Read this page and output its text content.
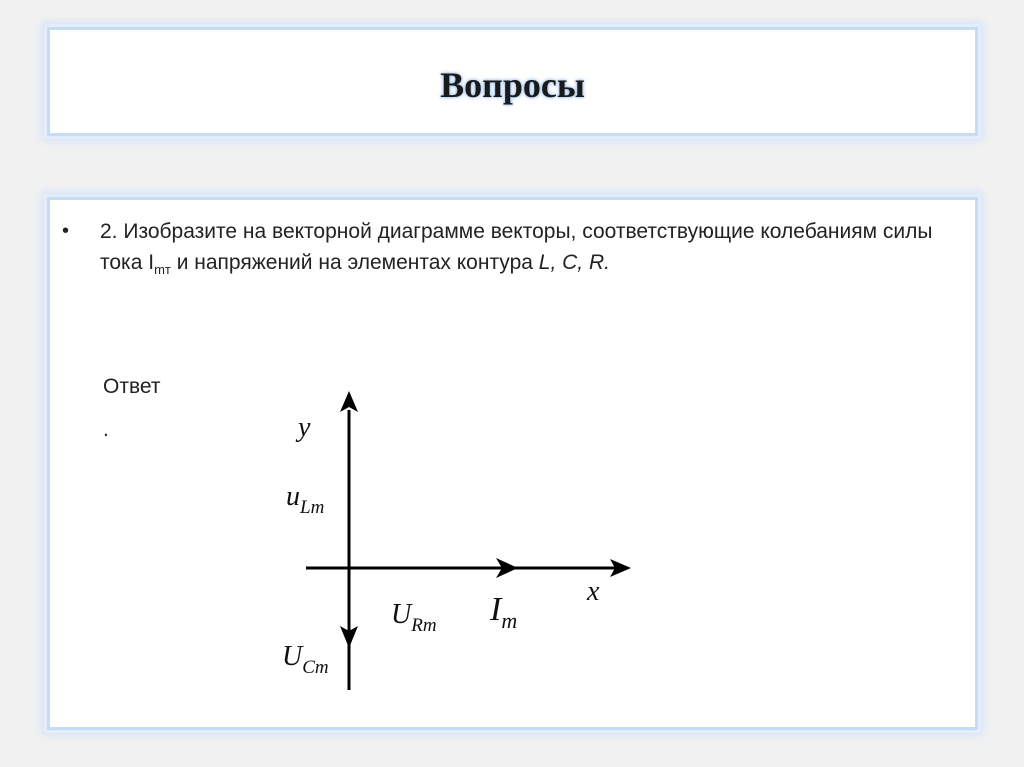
Вопросы
• 2. Изобразите на векторной диаграмме векторы, соответствующие колебаниям силы тока $I_{mт}$ и напряжений на элементах контура L, C, R.
Ответ
.	y
x
$u_{Lm}$
$U_{Cm}$
$U_{Rm}$ $I_m$
